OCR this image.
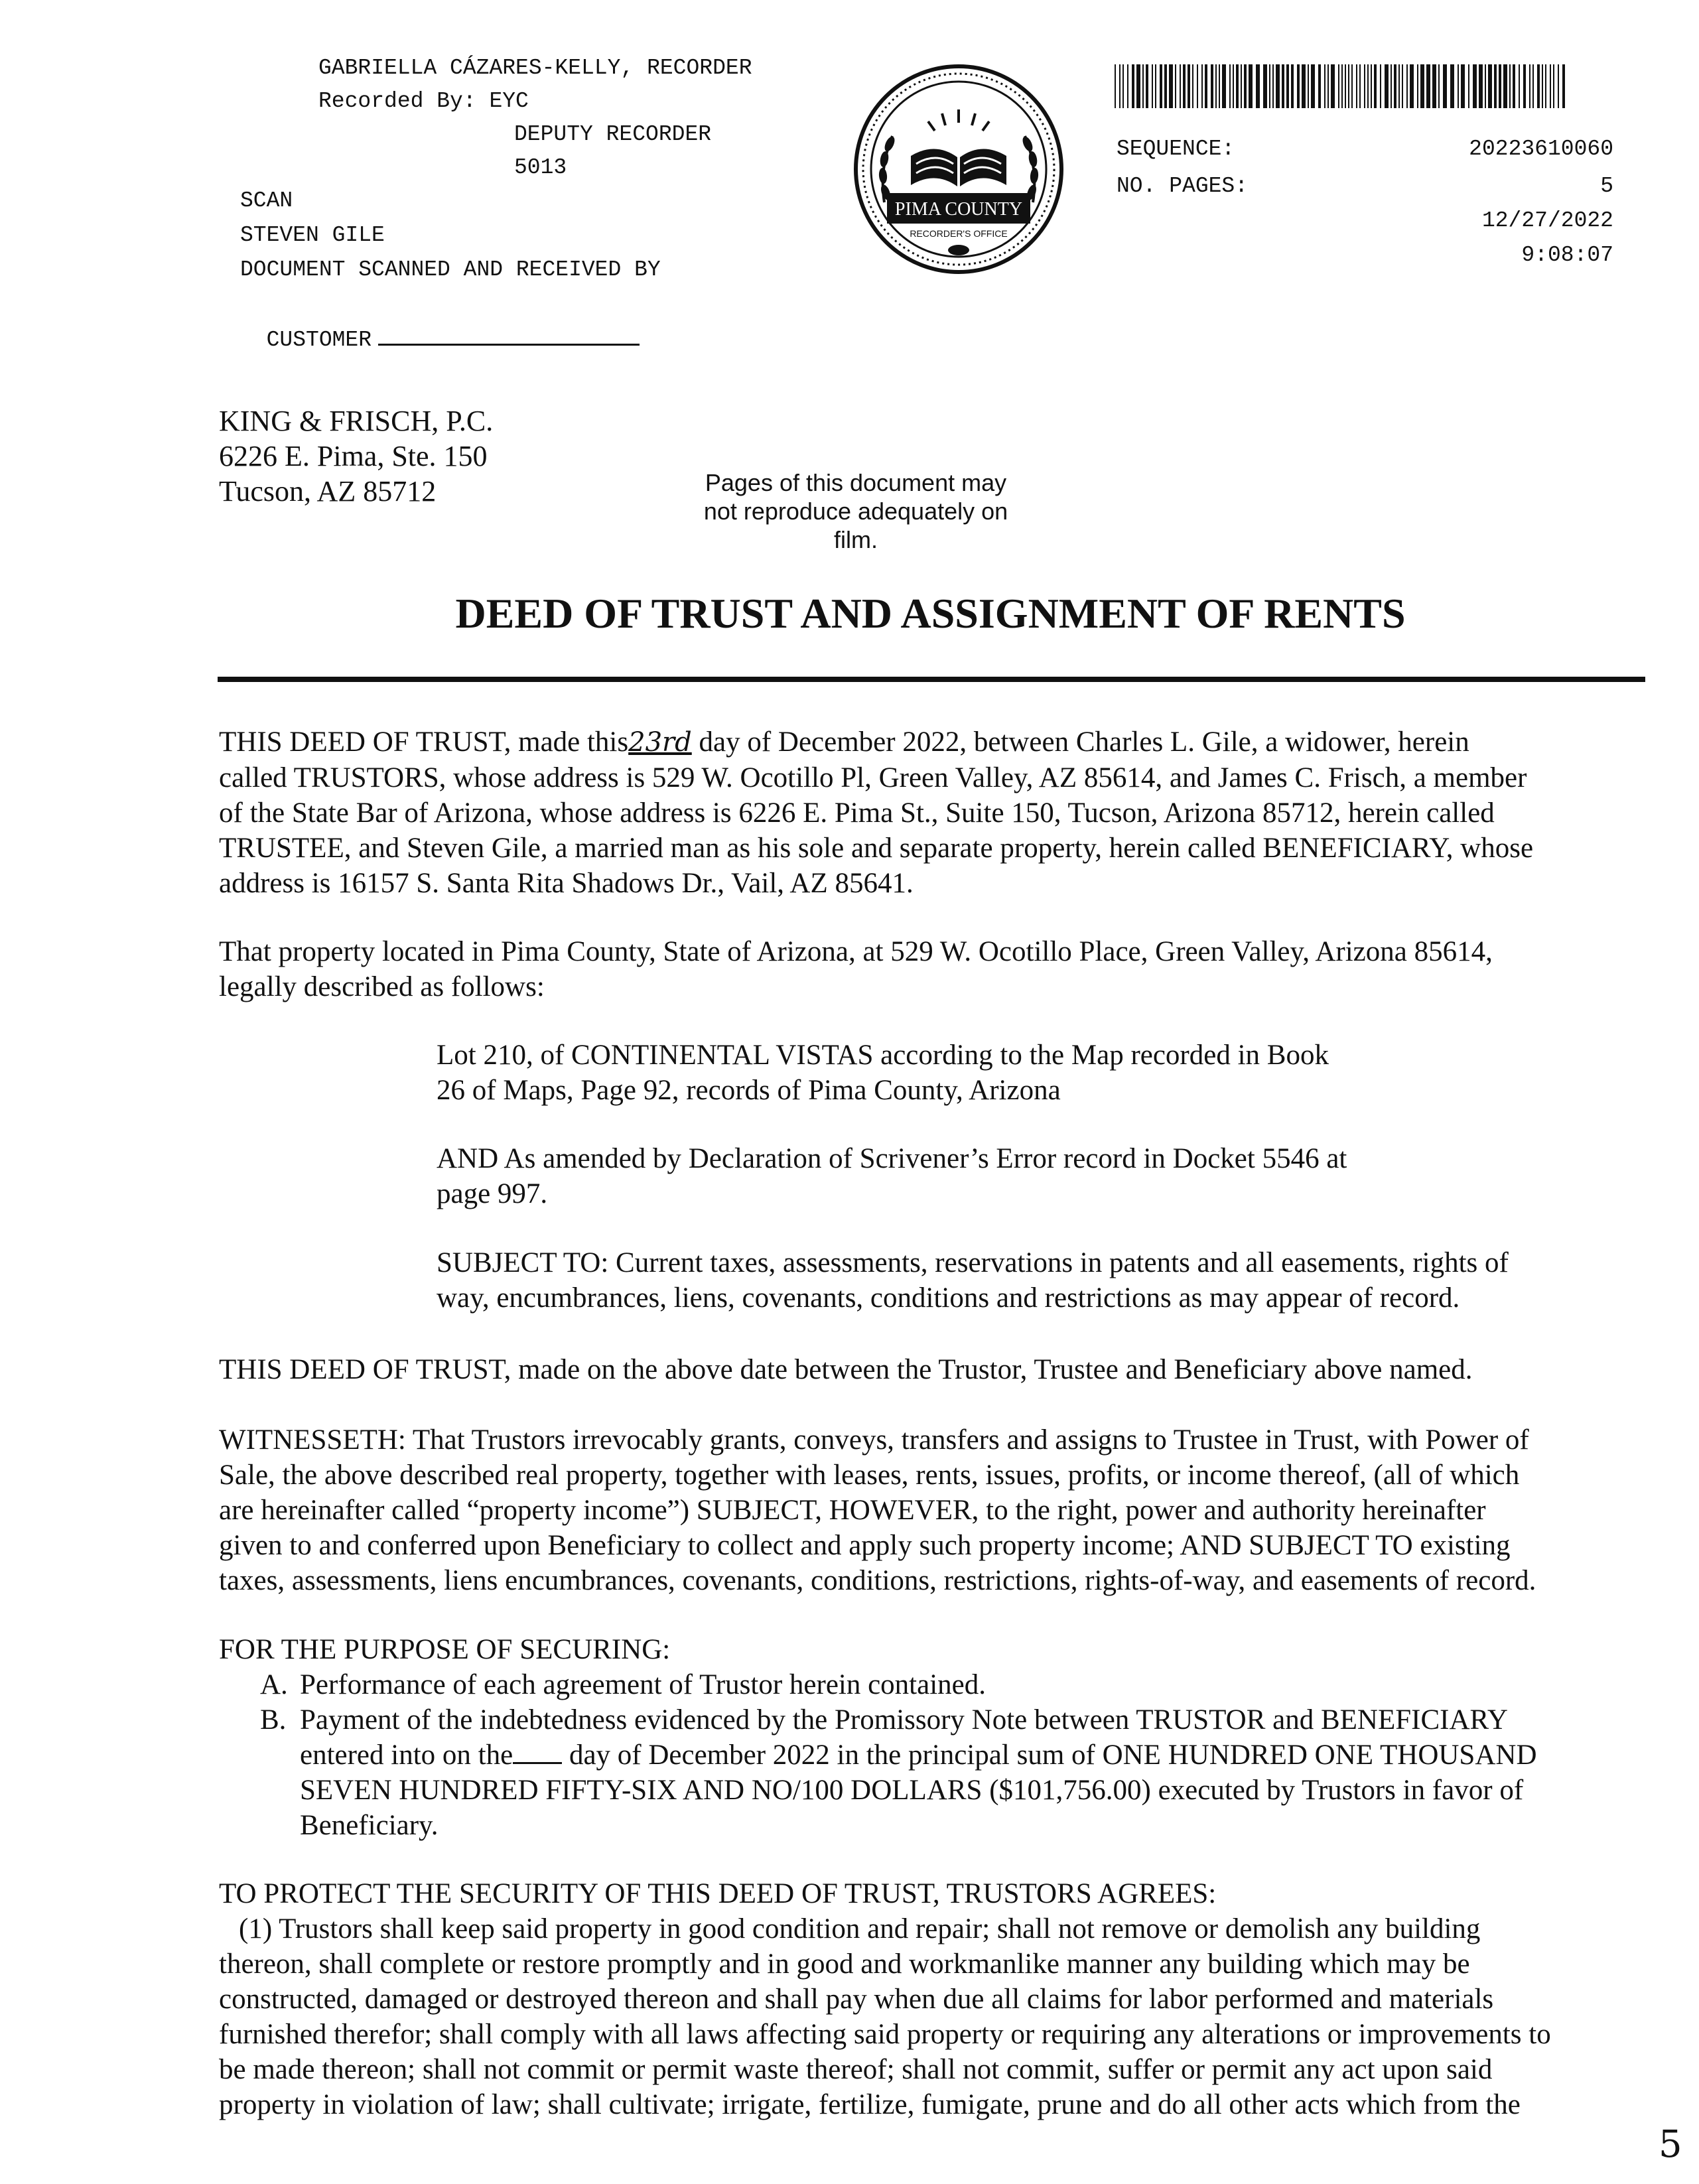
GABRIELLA CÁZARES-KELLY, RECORDER
Recorded By: EYC
DEPUTY RECORDER
5013
SCAN
STEVEN GILE
DOCUMENT SCANNED AND RECEIVED BY

CUSTOMER

PIMA COUNTY
RECORDER'S OFFICE
SEQUENCE:	20223610060
NO. PAGES:	5
12/27/2022
9:08:07
KING & FRISCH, P.C.
6226 E. Pima, Ste. 150
Tucson, AZ 85712	Pages of this document may
not reproduce adequately on
film.
DEED OF TRUST AND ASSIGNMENT OF RENTS
THIS DEED OF TRUST, made this23rd day of December 2022, between Charles L. Gile, a widower, herein
called TRUSTORS, whose address is 529 W. Ocotillo Pl, Green Valley, AZ 85614, and James C. Frisch, a member
of the State Bar of Arizona, whose address is 6226 E. Pima St., Suite 150, Tucson, Arizona 85712, herein called
TRUSTEE, and Steven Gile, a married man as his sole and separate property, herein called BENEFICIARY, whose
address is 16157 S. Santa Rita Shadows Dr., Vail, AZ 85641.
That property located in Pima County, State of Arizona, at 529 W. Ocotillo Place, Green Valley, Arizona 85614,
legally described as follows:
Lot 210, of CONTINENTAL VISTAS according to the Map recorded in Book
26 of Maps, Page 92, records of Pima County, Arizona
AND As amended by Declaration of Scrivener’s Error record in Docket 5546 at
page 997.
SUBJECT TO: Current taxes, assessments, reservations in patents and all easements, rights of
way, encumbrances, liens, covenants, conditions and restrictions as may appear of record.
THIS DEED OF TRUST, made on the above date between the Trustor, Trustee and Beneficiary above named.
WITNESSETH: That Trustors irrevocably grants, conveys, transfers and assigns to Trustee in Trust, with Power of
Sale, the above described real property, together with leases, rents, issues, profits, or income thereof, (all of which
are hereinafter called “property income”) SUBJECT, HOWEVER, to the right, power and authority hereinafter
given to and conferred upon Beneficiary to collect and apply such property income; AND SUBJECT TO existing
taxes, assessments, liens encumbrances, covenants, conditions, restrictions, rights-of-way, and easements of record.
FOR THE PURPOSE OF SECURING:
A. Performance of each agreement of Trustor herein contained.
B. Payment of the indebtedness evidenced by the Promissory Note between TRUSTOR and BENEFICIARY
entered into on the day of December 2022 in the principal sum of ONE HUNDRED ONE THOUSAND
SEVEN HUNDRED FIFTY-SIX AND NO/100 DOLLARS ($101,756.00) executed by Trustors in favor of
Beneficiary.
TO PROTECT THE SECURITY OF THIS DEED OF TRUST, TRUSTORS AGREES:
(1) Trustors shall keep said property in good condition and repair; shall not remove or demolish any building
thereon, shall complete or restore promptly and in good and workmanlike manner any building which may be
constructed, damaged or destroyed thereon and shall pay when due all claims for labor performed and materials
furnished therefor; shall comply with all laws affecting said property or requiring any alterations or improvements to
be made thereon; shall not commit or permit waste thereof; shall not commit, suffer or permit any act upon said
property in violation of law; shall cultivate; irrigate, fertilize, fumigate, prune and do all other acts which from the
5
